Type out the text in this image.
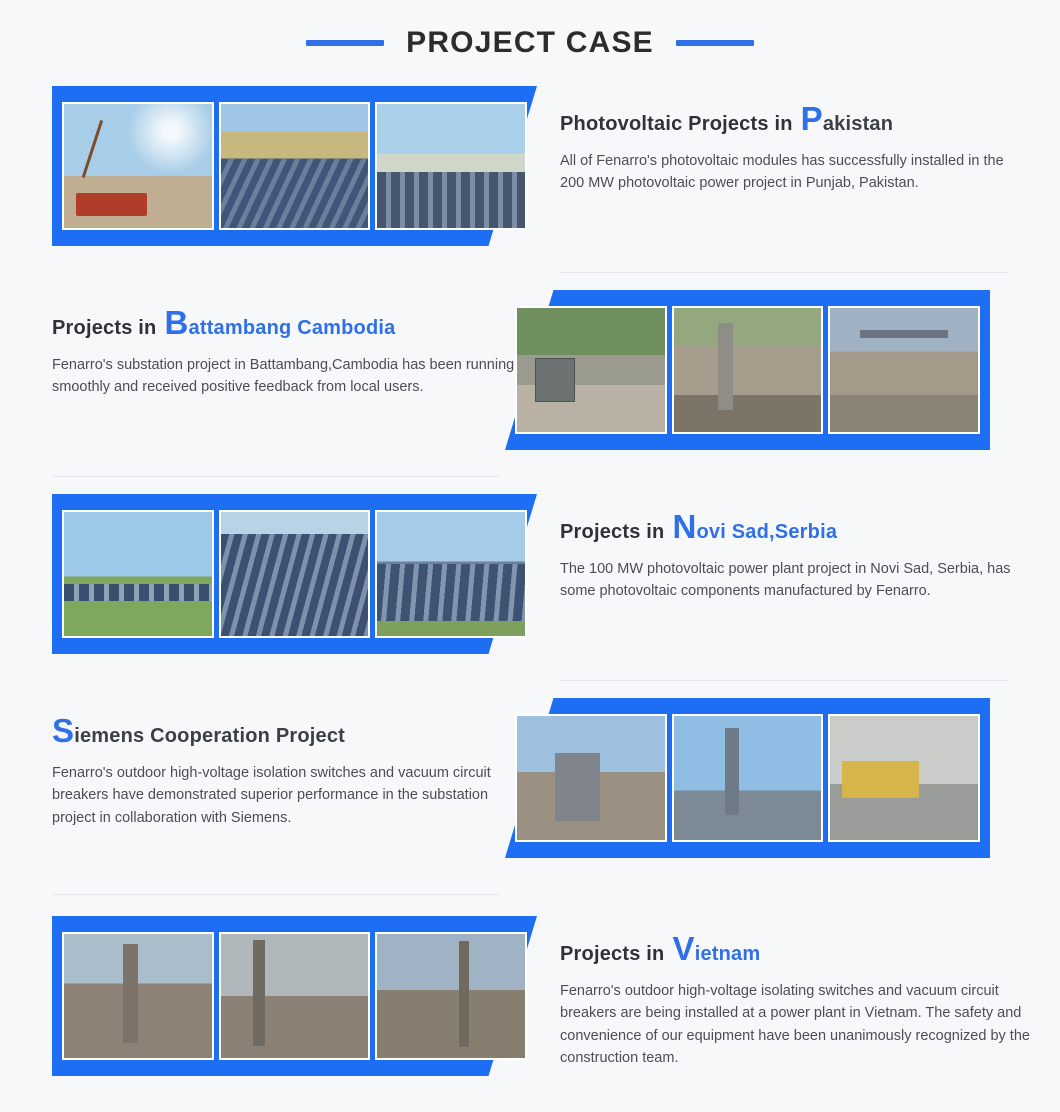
PROJECT CASE
Photovoltaic Projects in P akistan
All of Fenarro's photovoltaic modules has successfully installed in the 200 MW photovoltaic power project in Punjab, Pakistan.
Projects in B attambang Cambodia
Fenarro's substation project in Battambang,Cambodia has been running smoothly and received positive feedback from local users.
Projects in N ovi Sad,Serbia
The 100 MW photovoltaic power plant project in Novi Sad, Serbia, has some photovoltaic components manufactured by Fenarro.
S iemens Cooperation Project
Fenarro's outdoor high-voltage isolation switches and vacuum circuit breakers have demonstrated superior performance in the substation project in collaboration with Siemens.
Projects in V ietnam
Fenarro's outdoor high-voltage isolating switches and vacuum circuit breakers are being installed at a power plant in Vietnam. The safety and convenience of our equipment have been unanimously recognized by the construction team.
